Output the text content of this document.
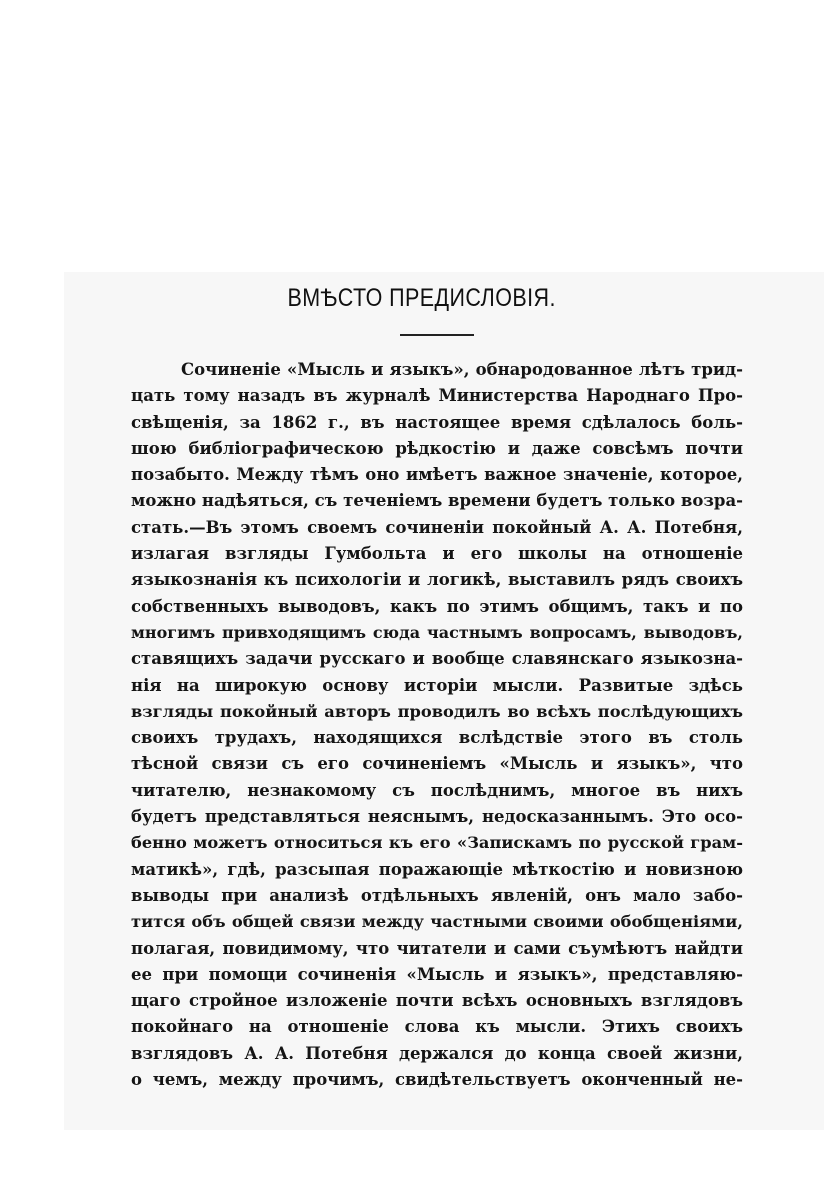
ВМѢСТО ПРЕДИСЛОВІЯ.
Сочиненіе «Мысль и языкъ», обнародованное лѣтъ трид-
цать тому назадъ въ журналѣ Министерства Народнаго Про-
свѣщенія, за 1862 г., въ настоящее время сдѣлалось боль-
шою библіографическою рѣдкостію и даже совсѣмъ почти
позабыто. Между тѣмъ оно имѣетъ важное значеніе, которое,
можно надѣяться, съ теченіемъ времени будетъ только возра-
стать.—Въ этомъ своемъ сочиненіи покойный А. А. Потебня,
излагая взгляды Гумбольта и его школы на отношеніе
языкознанія къ психологіи и логикѣ, выставилъ рядъ своихъ
собственныхъ выводовъ, какъ по этимъ общимъ, такъ и по
многимъ привходящимъ сюда частнымъ вопросамъ, выводовъ,
ставящихъ задачи русскаго и вообще славянскаго языкозна-
нія на широкую основу исторіи мысли. Развитые здѣсь
взгляды покойный авторъ проводилъ во всѣхъ послѣдующихъ
своихъ трудахъ, находящихся вслѣдствіе этого въ столь
тѣсной связи съ его сочиненіемъ «Мысль и языкъ», что
читателю, незнакомому съ послѣднимъ, многое въ нихъ
будетъ представляться неяснымъ, недосказаннымъ. Это осо-
бенно можетъ относиться къ его «Запискамъ по русской грам-
матикѣ», гдѣ, разсыпая поражающіе мѣткостію и новизною
выводы при анализѣ отдѣльныхъ явленій, онъ мало забо-
тится объ общей связи между частными своими обобщеніями,
полагая, повидимому, что читатели и сами съумѣютъ найдти
ее при помощи сочиненія «Мысль и языкъ», представляю-
щаго стройное изложеніе почти всѣхъ основныхъ взглядовъ
покойнаго на отношеніе слова къ мысли. Этихъ своихъ
взглядовъ А. А. Потебня держался до конца своей жизни,
о чемъ, между прочимъ, свидѣтельствуетъ оконченный не-
